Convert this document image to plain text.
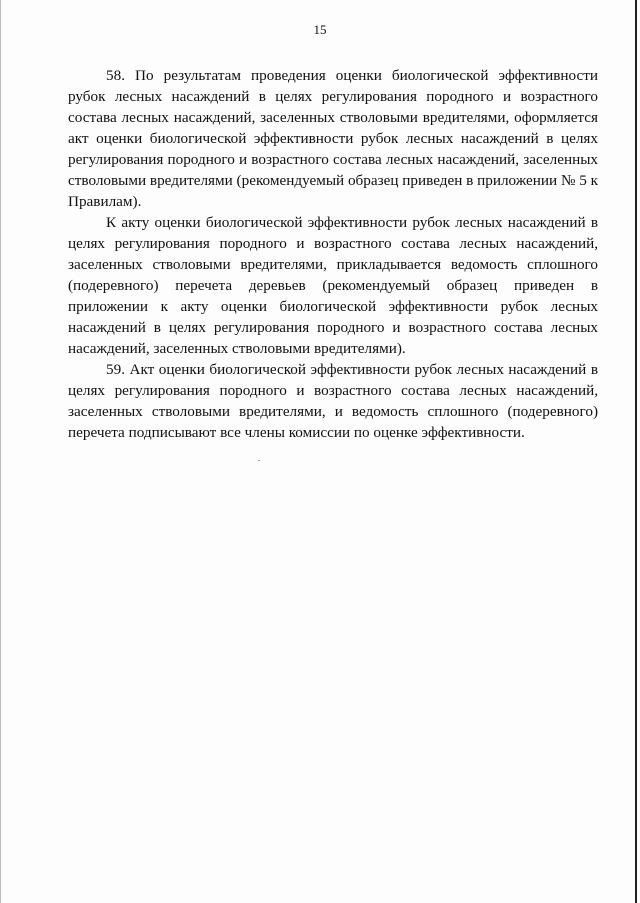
15

58. По результатам проведения оценки биологической эффективности рубок лесных насаждений в целях регулирования породного и возрастного состава лесных насаждений, заселенных стволовыми вредителями, оформляется акт оценки биологической эффективности рубок лесных насаждений в целях регулирования породного и возрастного состава лесных насаждений, заселенных стволовыми вредителями (рекомендуемый образец приведен в приложении № 5 к Правилам).

К акту оценки биологической эффективности рубок лесных насаждений в целях регулирования породного и возрастного состава лесных насаждений, заселенных стволовыми вредителями, прикладывается ведомость сплошного (подеревного) перечета деревьев (рекомендуемый образец приведен в приложении к акту оценки биологической эффективности рубок лесных насаждений в целях регулирования породного и возрастного состава лесных насаждений, заселенных стволовыми вредителями).

59. Акт оценки биологической эффективности рубок лесных насаждений в целях регулирования породного и возрастного состава лесных насаждений, заселенных стволовыми вредителями, и ведомость сплошного (подеревного) перечета подписывают все члены комиссии по оценке эффективности.
